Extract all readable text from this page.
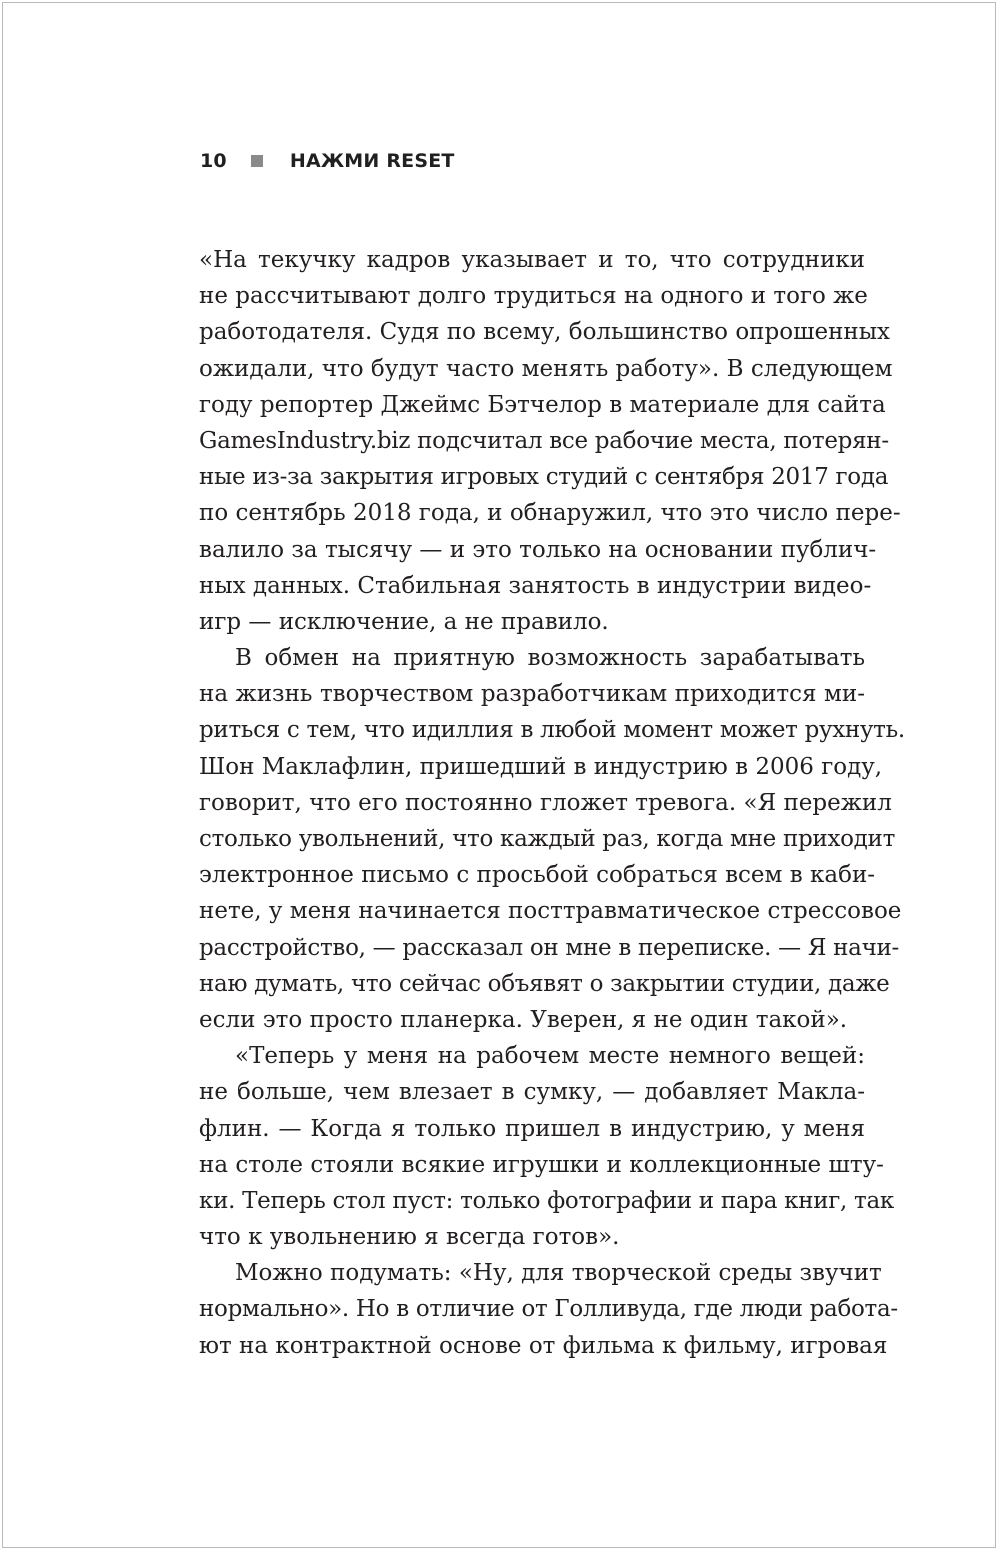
10	НАЖМИ RESET
«На текучку кадров указывает и то, что сотрудники
не рассчитывают долго трудиться на одного и того же
работодателя. Судя по всему, большинство опрошенных
ожидали, что будут часто менять работу». В следующем
году репортер Джеймс Бэтчелор в материале для сайта
GamesIndustry.biz подсчитал все рабочие места, потерян-
ные из-за закрытия игровых студий с сентября 2017 года
по сентябрь 2018 года, и обнаружил, что это число пере-
валило за тысячу — и это только на основании публич-
ных данных. Стабильная занятость в индустрии видео-
игр — исключение, а не правило.
В обмен на приятную возможность зарабатывать
на жизнь творчеством разработчикам приходится ми-
риться с тем, что идиллия в любой момент может рухнуть.
Шон Маклафлин, пришедший в индустрию в 2006 году,
говорит, что его постоянно гложет тревога. «Я пережил
столько увольнений, что каждый раз, когда мне приходит
электронное письмо с просьбой собраться всем в каби-
нете, у меня начинается посттравматическое стрессовое
расстройство, — рассказал он мне в переписке. — Я начи-
наю думать, что сейчас объявят о закрытии студии, даже
если это просто планерка. Уверен, я не один такой».
«Теперь у меня на рабочем месте немного вещей:
не больше, чем влезает в сумку, — добавляет Макла-
флин. — Когда я только пришел в индустрию, у меня
на столе стояли всякие игрушки и коллекционные шту-
ки. Теперь стол пуст: только фотографии и пара книг, так
что к увольнению я всегда готов».
Можно подумать: «Ну, для творческой среды звучит
нормально». Но в отличие от Голливуда, где люди работа-
ют на контрактной основе от фильма к фильму, игровая
